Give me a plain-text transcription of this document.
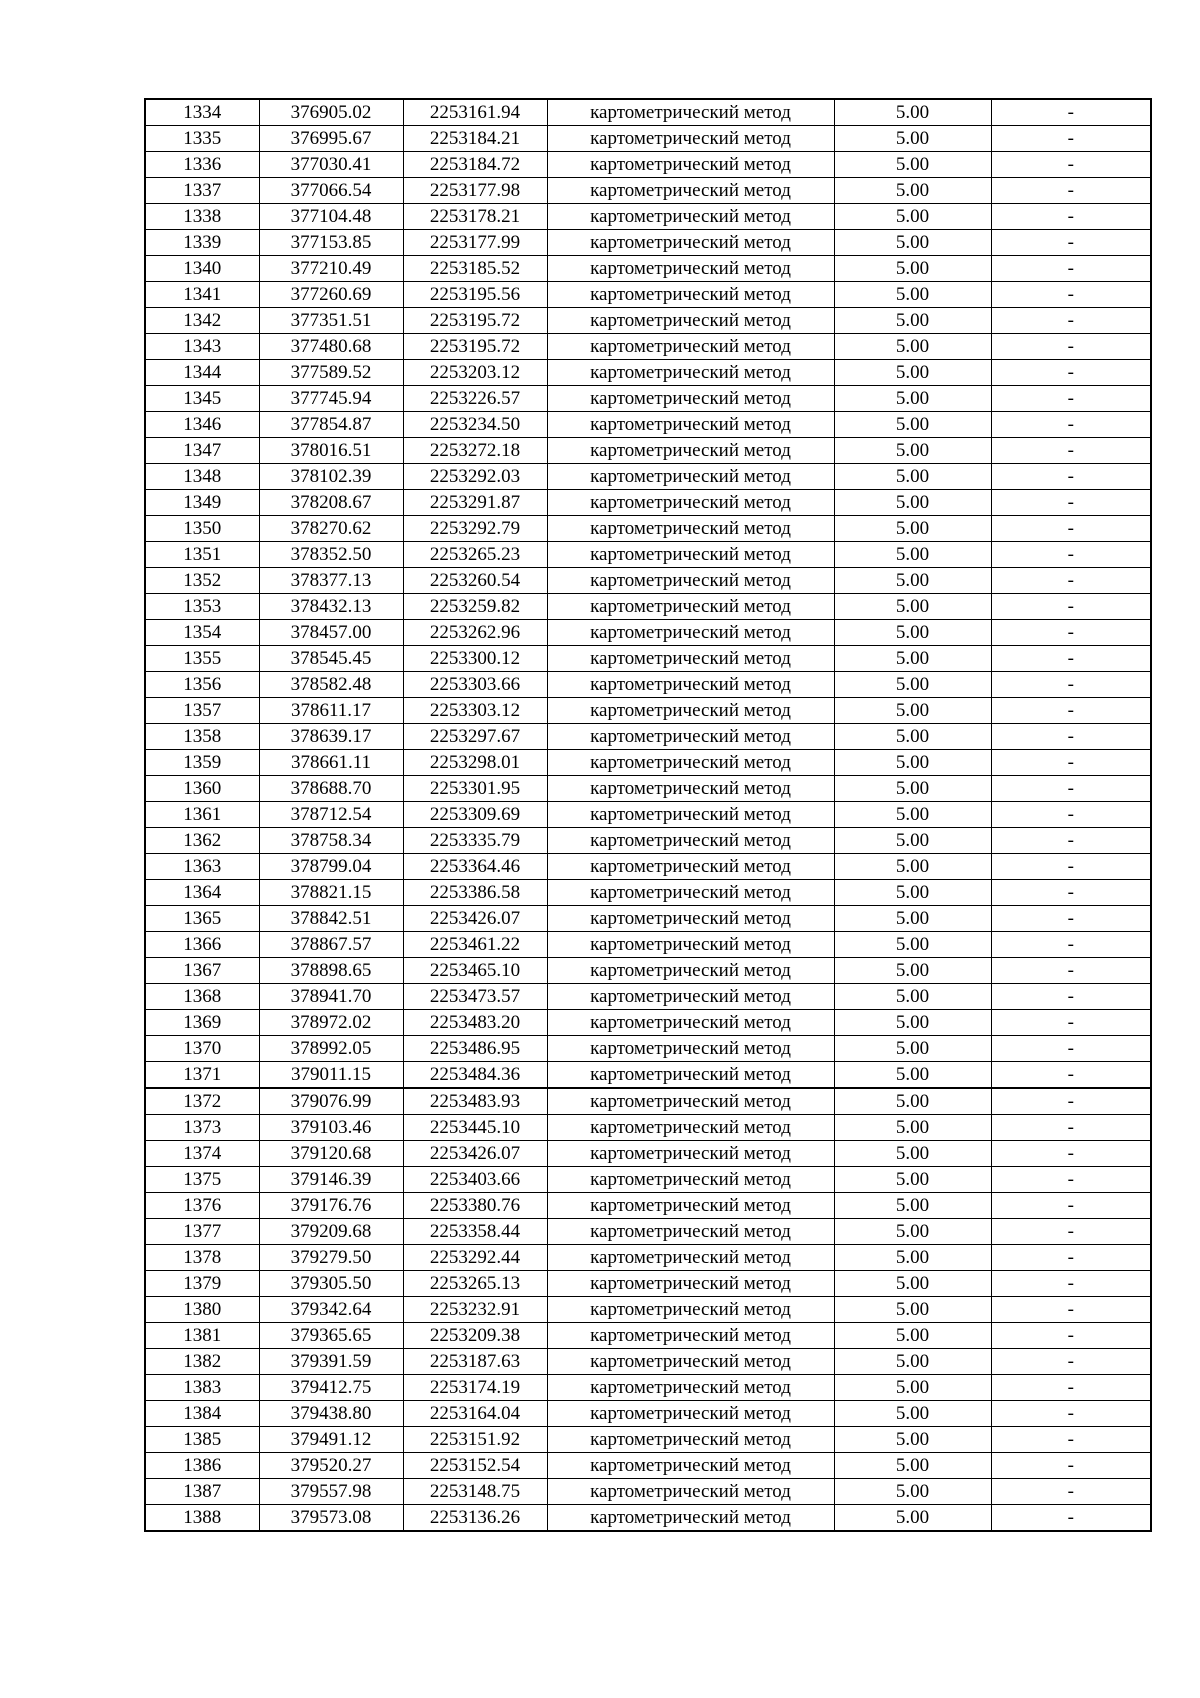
1334	376905.02	2253161.94	картометрический метод	5.00	-
1335	376995.67	2253184.21	картометрический метод	5.00	-
1336	377030.41	2253184.72	картометрический метод	5.00	-
1337	377066.54	2253177.98	картометрический метод	5.00	-
1338	377104.48	2253178.21	картометрический метод	5.00	-
1339	377153.85	2253177.99	картометрический метод	5.00	-
1340	377210.49	2253185.52	картометрический метод	5.00	-
1341	377260.69	2253195.56	картометрический метод	5.00	-
1342	377351.51	2253195.72	картометрический метод	5.00	-
1343	377480.68	2253195.72	картометрический метод	5.00	-
1344	377589.52	2253203.12	картометрический метод	5.00	-
1345	377745.94	2253226.57	картометрический метод	5.00	-
1346	377854.87	2253234.50	картометрический метод	5.00	-
1347	378016.51	2253272.18	картометрический метод	5.00	-
1348	378102.39	2253292.03	картометрический метод	5.00	-
1349	378208.67	2253291.87	картометрический метод	5.00	-
1350	378270.62	2253292.79	картометрический метод	5.00	-
1351	378352.50	2253265.23	картометрический метод	5.00	-
1352	378377.13	2253260.54	картометрический метод	5.00	-
1353	378432.13	2253259.82	картометрический метод	5.00	-
1354	378457.00	2253262.96	картометрический метод	5.00	-
1355	378545.45	2253300.12	картометрический метод	5.00	-
1356	378582.48	2253303.66	картометрический метод	5.00	-
1357	378611.17	2253303.12	картометрический метод	5.00	-
1358	378639.17	2253297.67	картометрический метод	5.00	-
1359	378661.11	2253298.01	картометрический метод	5.00	-
1360	378688.70	2253301.95	картометрический метод	5.00	-
1361	378712.54	2253309.69	картометрический метод	5.00	-
1362	378758.34	2253335.79	картометрический метод	5.00	-
1363	378799.04	2253364.46	картометрический метод	5.00	-
1364	378821.15	2253386.58	картометрический метод	5.00	-
1365	378842.51	2253426.07	картометрический метод	5.00	-
1366	378867.57	2253461.22	картометрический метод	5.00	-
1367	378898.65	2253465.10	картометрический метод	5.00	-
1368	378941.70	2253473.57	картометрический метод	5.00	-
1369	378972.02	2253483.20	картометрический метод	5.00	-
1370	378992.05	2253486.95	картометрический метод	5.00	-
1371	379011.15	2253484.36	картометрический метод	5.00	-
1372	379076.99	2253483.93	картометрический метод	5.00	-
1373	379103.46	2253445.10	картометрический метод	5.00	-
1374	379120.68	2253426.07	картометрический метод	5.00	-
1375	379146.39	2253403.66	картометрический метод	5.00	-
1376	379176.76	2253380.76	картометрический метод	5.00	-
1377	379209.68	2253358.44	картометрический метод	5.00	-
1378	379279.50	2253292.44	картометрический метод	5.00	-
1379	379305.50	2253265.13	картометрический метод	5.00	-
1380	379342.64	2253232.91	картометрический метод	5.00	-
1381	379365.65	2253209.38	картометрический метод	5.00	-
1382	379391.59	2253187.63	картометрический метод	5.00	-
1383	379412.75	2253174.19	картометрический метод	5.00	-
1384	379438.80	2253164.04	картометрический метод	5.00	-
1385	379491.12	2253151.92	картометрический метод	5.00	-
1386	379520.27	2253152.54	картометрический метод	5.00	-
1387	379557.98	2253148.75	картометрический метод	5.00	-
1388	379573.08	2253136.26	картометрический метод	5.00	-
